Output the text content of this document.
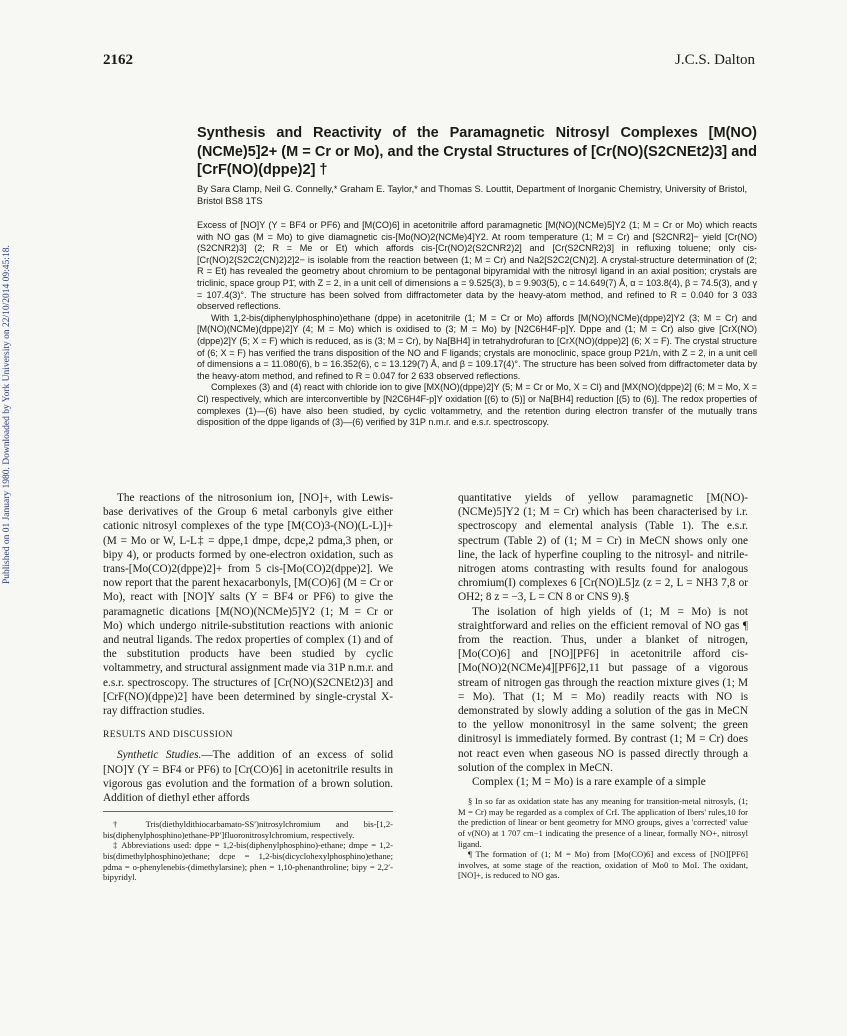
2162	J.C.S. Dalton
Published on 01 January 1980. Downloaded by York University on 22/10/2014 09:45:18.
Synthesis and Reactivity of the Paramagnetic Nitrosyl Complexes [M(NO)(NCMe)5]2+ (M = Cr or Mo), and the Crystal Structures of [Cr(NO)(S2CNEt2)3] and [CrF(NO)(dppe)2] †
By Sara Clamp, Neil G. Connelly,* Graham E. Taylor,* and Thomas S. Louttit, Department of Inorganic Chemistry, University of Bristol, Bristol BS8 1TS

Excess of [NO]Y (Y = BF4 or PF6) and [M(CO)6] in acetonitrile afford paramagnetic [M(NO)(NCMe)5]Y2 (1; M = Cr or Mo) which reacts with NO gas (M = Mo) to give diamagnetic cis-[Mo(NO)2(NCMe)4]Y2. At room temperature (1; M = Cr) and [S2CNR2]− yield [Cr(NO)(S2CNR2)3] (2; R = Me or Et) which affords cis-[Cr(NO)2(S2CNR2)2] and [Cr(S2CNR2)3] in refluxing toluene; only cis-[Cr(NO)2{S2C2(CN)2}2]2− is isolable from the reaction between (1; M = Cr) and Na2[S2C2(CN)2]. A crystal-structure determination of (2; R = Et) has revealed the geometry about chromium to be pentagonal bipyramidal with the nitrosyl ligand in an axial position; crystals are triclinic, space group P1̄, with Z = 2, in a unit cell of dimensions a = 9.525(3), b = 9.903(5), c = 14.649(7) Å, α = 103.8(4), β = 74.5(3), and γ = 107.4(3)°. The structure has been solved from diffractometer data by the heavy-atom method, and refined to R = 0.040 for 3 033 observed reflections.

With 1,2-bis(diphenylphosphino)ethane (dppe) in acetonitrile (1; M = Cr or Mo) affords [M(NO)(NCMe)(dppe)2]Y2 (3; M = Cr) and [M(NO)(NCMe)(dppe)2]Y (4; M = Mo) which is oxidised to (3; M = Mo) by [N2C6H4F-p]Y. Dppe and (1; M = Cr) also give [CrX(NO)(dppe)2]Y (5; X = F) which is reduced, as is (3; M = Cr), by Na[BH4] in tetrahydrofuran to [CrX(NO)(dppe)2] (6; X = F). The crystal structure of (6; X = F) has verified the trans disposition of the NO and F ligands; crystals are monoclinic, space group P21/n, with Z = 2, in a unit cell of dimensions a = 11.080(6), b = 16.352(6), c = 13.129(7) Å, and β = 109.17(4)°. The structure has been solved from diffractometer data by the heavy-atom method, and refined to R = 0.047 for 2 633 observed reflections.

Complexes (3) and (4) react with chloride ion to give [MX(NO)(dppe)2]Y (5; M = Cr or Mo, X = Cl) and [MX(NO)(dppe)2] (6; M = Mo, X = Cl) respectively, which are interconvertible by [N2C6H4F-p]Y oxidation [(6) to (5)] or Na[BH4] reduction [(5) to (6)]. The redox properties of complexes (1)—(6) have also been studied, by cyclic voltammetry, and the retention during electron transfer of the mutually trans disposition of the dppe ligands of (3)—(6) verified by 31P n.m.r. and e.s.r. spectroscopy.

The reactions of the nitrosonium ion, [NO]+, with Lewis-base derivatives of the Group 6 metal carbonyls give either cationic nitrosyl complexes of the type [M(CO)3-(NO)(L-L)]+ (M = Mo or W, L-L‡ = dppe,1 dmpe, dcpe,2 pdma,3 phen, or bipy 4), or products formed by one-electron oxidation, such as trans-[Mo(CO)2(dppe)2]+ from 5 cis-[Mo(CO)2(dppe)2]. We now report that the parent hexacarbonyls, [M(CO)6] (M = Cr or Mo), react with [NO]Y salts (Y = BF4 or PF6) to give the paramagnetic dications [M(NO)(NCMe)5]Y2 (1; M = Cr or Mo) which undergo nitrile-substitution reactions with anionic and neutral ligands. The redox properties of complex (1) and of the substitution products have been studied by cyclic voltammetry, and structural assignment made via 31P n.m.r. and e.s.r. spectroscopy. The structures of [Cr(NO)(S2CNEt2)3] and [CrF(NO)(dppe)2] have been determined by single-crystal X-ray diffraction studies.

RESULTS AND DISCUSSION

Synthetic Studies.—The addition of an excess of solid [NO]Y (Y = BF4 or PF6) to [Cr(CO)6] in acetonitrile results in vigorous gas evolution and the formation of a brown solution. Addition of diethyl ether affords

† Tris(diethyldithiocarbamato-SS′)nitrosylchromium and bis-[1,2-bis(diphenylphosphino)ethane-PP′]fluoronitrosylchromium, respectively.

‡ Abbreviations used: dppe = 1,2-bis(diphenylphosphino)-ethane; dmpe = 1,2-bis(dimethylphosphino)ethane; dcpe = 1,2-bis(dicyclohexylphosphino)ethane; pdma = o-phenylenebis-(dimethylarsine); phen = 1,10-phenanthroline; bipy = 2,2′-bipyridyl.

quantitative yields of yellow paramagnetic [M(NO)-(NCMe)5]Y2 (1; M = Cr) which has been characterised by i.r. spectroscopy and elemental analysis (Table 1). The e.s.r. spectrum (Table 2) of (1; M = Cr) in MeCN shows only one line, the lack of hyperfine coupling to the nitrosyl- and nitrile-nitrogen atoms contrasting with results found for analogous chromium(I) complexes 6 [Cr(NO)L5]z (z = 2, L = NH3 7,8 or OH2; 8 z = −3, L = CN 8 or CNS 9).§

The isolation of high yields of (1; M = Mo) is not straightforward and relies on the efficient removal of NO gas ¶ from the reaction. Thus, under a blanket of nitrogen, [Mo(CO)6] and [NO][PF6] in acetonitrile afford cis-[Mo(NO)2(NCMe)4][PF6]2,11 but passage of a vigorous stream of nitrogen gas through the reaction mixture gives (1; M = Mo). That (1; M = Mo) readily reacts with NO is demonstrated by slowly adding a solution of the gas in MeCN to the yellow mononitrosyl in the same solvent; the green dinitrosyl is immediately formed. By contrast (1; M = Cr) does not react even when gaseous NO is passed directly through a solution of the complex in MeCN.

Complex (1; M = Mo) is a rare example of a simple

§ In so far as oxidation state has any meaning for transition-metal nitrosyls, (1; M = Cr) may be regarded as a complex of CrI. The application of Ibers' rules,10 for the prediction of linear or bent geometry for MNO groups, gives a 'corrected' value of ν(NO) at 1 707 cm−1 indicating the presence of a linear, formally NO+, nitrosyl ligand.

¶ The formation of (1; M = Mo) from [Mo(CO)6] and excess of [NO][PF6] involves, at some stage of the reaction, oxidation of Mo0 to MoI. The oxidant, [NO]+, is reduced to NO gas.
